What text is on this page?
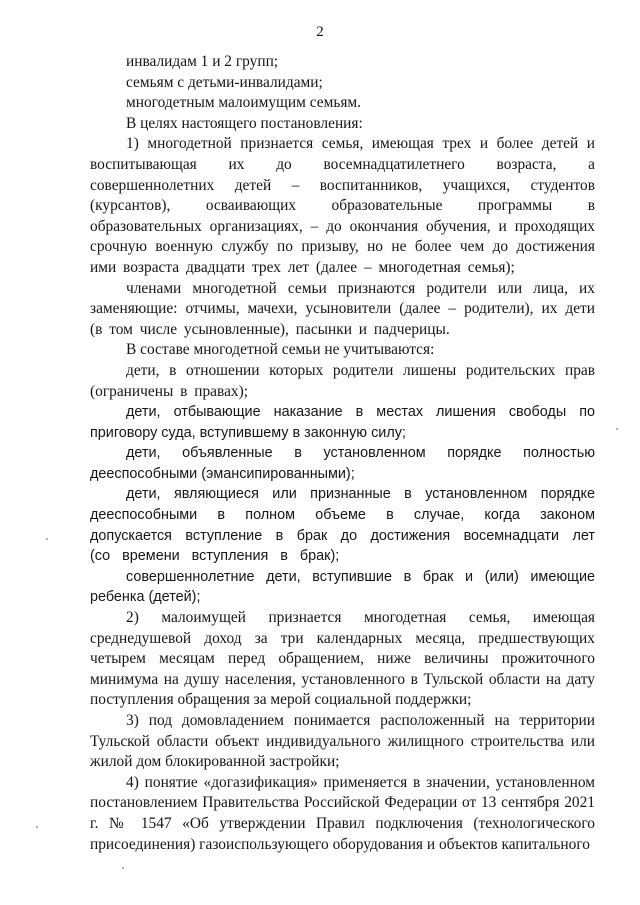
2

инвалидам 1 и 2 групп;

семьям с детьми-инвалидами;

многодетным малоимущим семьям.

В целях настоящего постановления:

1) многодетной признается семья, имеющая трех и более детей и воспитывающая их до восемнадцатилетнего возраста, а совершеннолетних детей – воспитанников, учащихся, студентов (курсантов), осваивающих образовательные программы в образовательных организациях, – до окончания обучения, и проходящих срочную военную службу по призыву, но не более чем до достижения ими возраста двадцати трех лет (далее – многодетная семья);

членами многодетной семьи признаются родители или лица, их заменяющие: отчимы, мачехи, усыновители (далее – родители), их дети (в том числе усыновленные), пасынки и падчерицы.

В составе многодетной семьи не учитываются:

дети, в отношении которых родители лишены родительских прав (ограничены в правах);

дети, отбывающие наказание в местах лишения свободы по приговору суда, вступившему в законную силу;

дети, объявленные в установленном порядке полностью дееспособными (эмансипированными);

дети, являющиеся или признанные в установленном порядке дееспособными в полном объеме в случае, когда законом допускается вступление в брак до достижения восемнадцати лет (со времени вступления в брак);

совершеннолетние дети, вступившие в брак и (или) имеющие ребенка (детей);

2) малоимущей признается многодетная семья, имеющая среднедушевой доход за три календарных месяца, предшествующих четырем месяцам перед обращением, ниже величины прожиточного минимума на душу населения, установленного в Тульской области на дату поступления обращения за мерой социальной поддержки;

3) под домовладением понимается расположенный на территории Тульской области объект индивидуального жилищного строительства или жилой дом блокированной застройки;

4) понятие «догазификация» применяется в значении, установленном постановлением Правительства Российской Федерации от 13 сентября 2021 г. № 1547 «Об утверждении Правил подключения (технологического присоединения) газоиспользующего оборудования и объектов капитального
